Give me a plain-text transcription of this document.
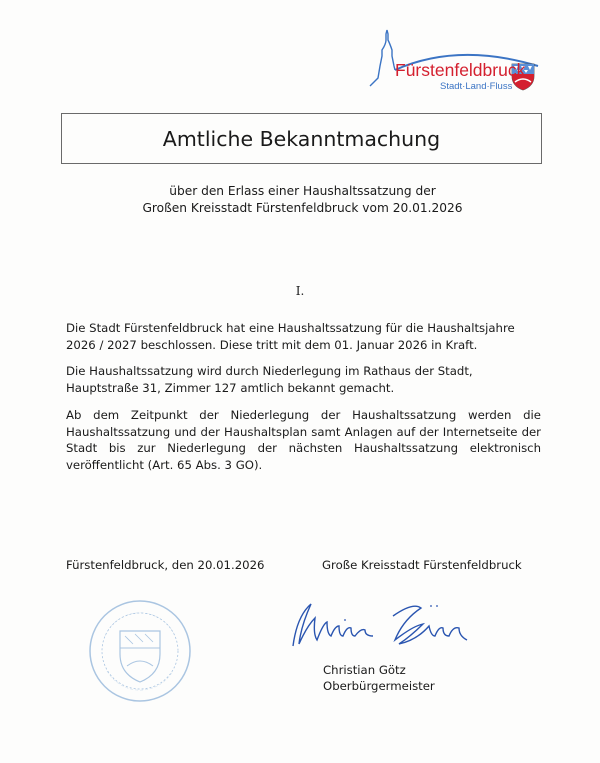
Fürstenfeldbruck
Stadt·Land·Fluss
Amtliche Bekanntmachung
über den Erlass einer Haushaltssatzung der
Großen Kreisstadt Fürstenfeldbruck vom 20.01.2026
I.
Die Stadt Fürstenfeldbruck hat eine Haushaltssatzung für die Haushaltsjahre 2026 / 2027 beschlossen. Diese tritt mit dem 01. Januar 2026 in Kraft.
Die Haushaltssatzung wird durch Niederlegung im Rathaus der Stadt, Hauptstraße 31, Zimmer 127 amtlich bekannt gemacht.
Ab dem Zeitpunkt der Niederlegung der Haushaltssatzung werden die Haushaltssatzung und der Haushaltsplan samt Anlagen auf der Internetseite der Stadt bis zur Niederlegung der nächsten Haushaltssatzung elektronisch veröffentlicht (Art. 65 Abs. 3 GO).
Fürstenfeldbruck, den 20.01.2026	Große Kreisstadt Fürstenfeldbruck
Christian Götz
Oberbürgermeister
